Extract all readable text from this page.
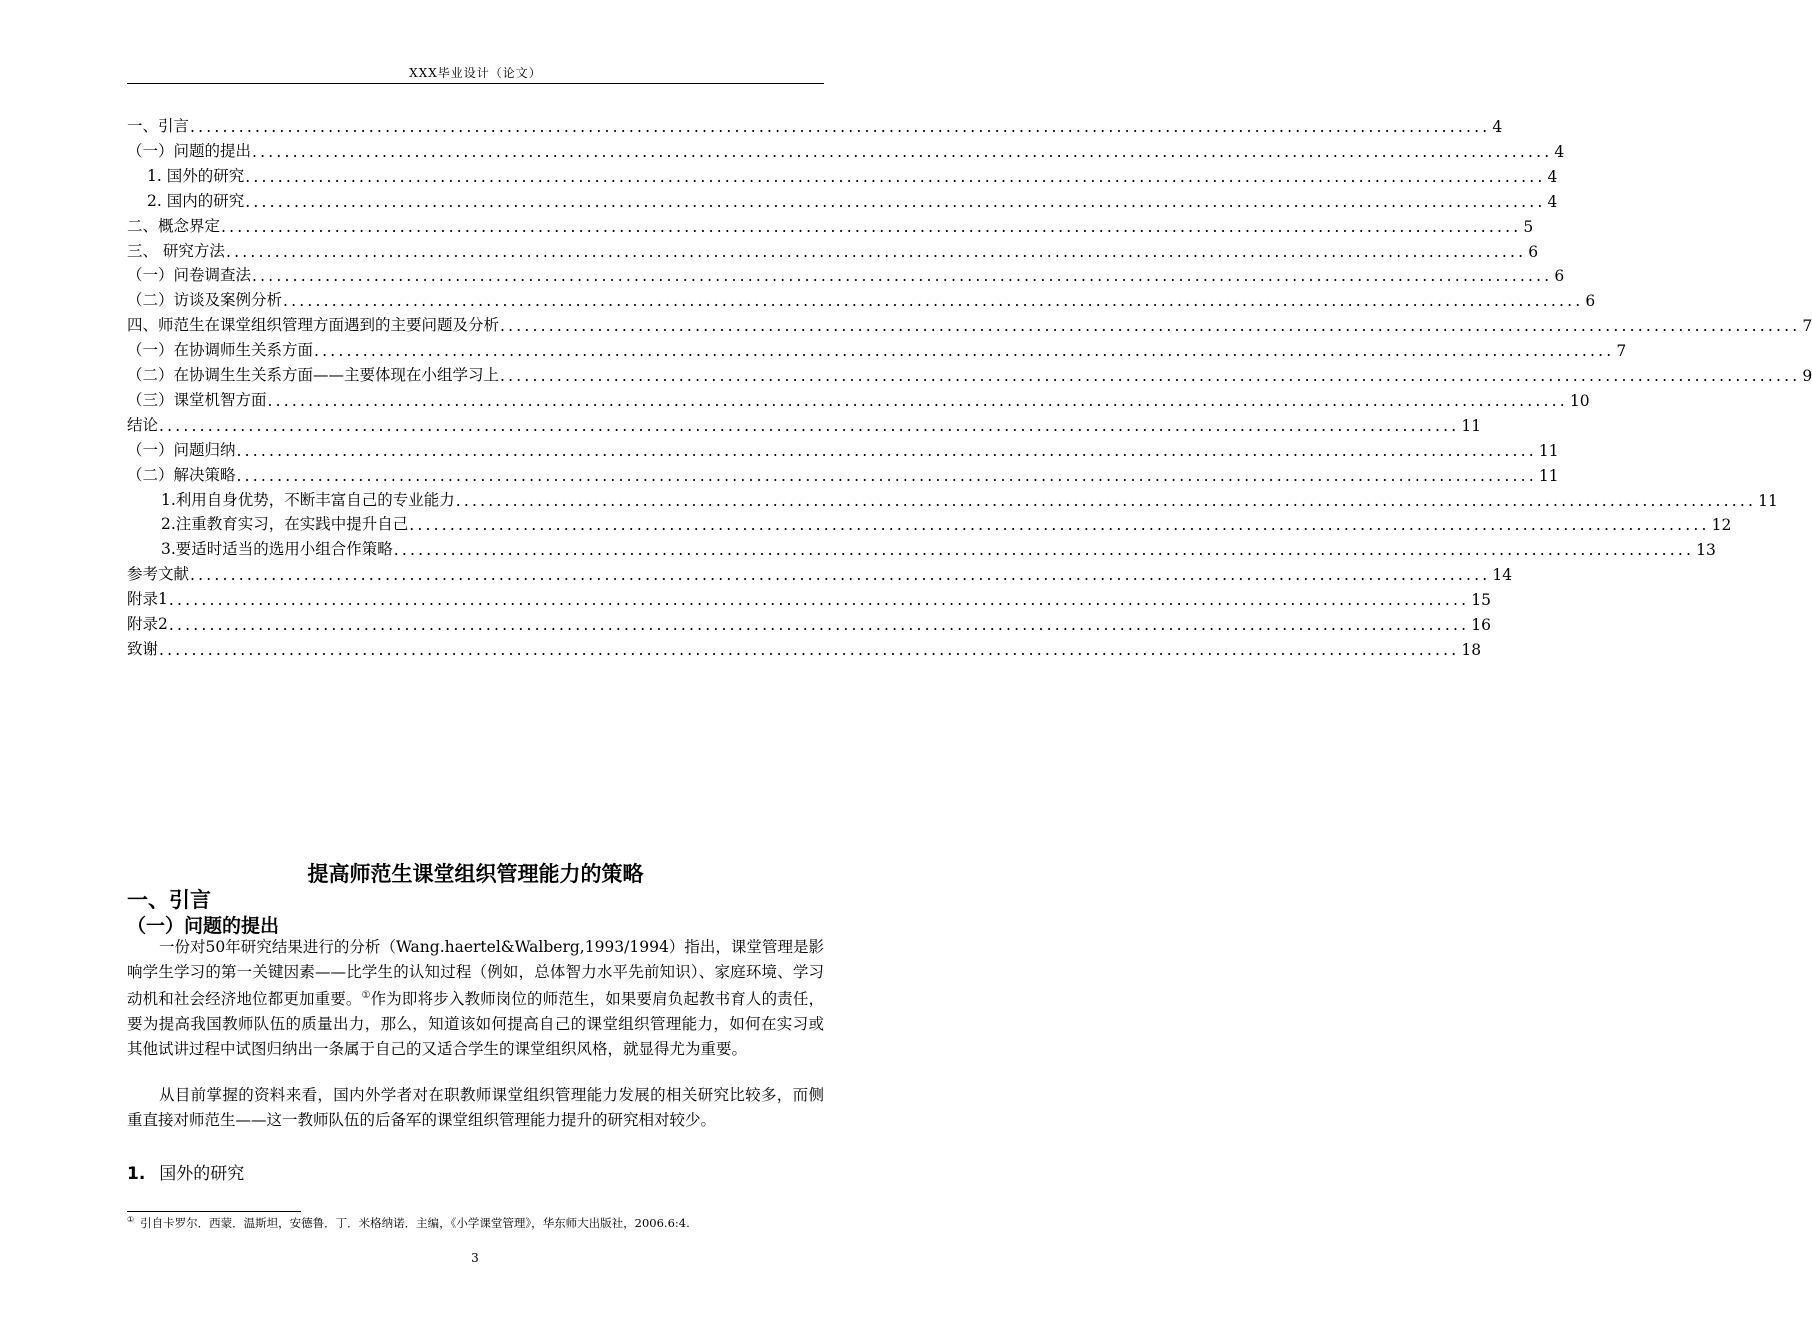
XXX毕业设计（论文）
一、引言 ................................................................................................................................................................ 4
（一）问题的提出 ................................................................................................................................................................ 4
1. 国外的研究 ................................................................................................................................................................ 4
2. 国内的研究 ................................................................................................................................................................ 4
二、概念界定 ................................................................................................................................................................ 5
三、 研究方法 ................................................................................................................................................................ 6
（一）问卷调查法 ................................................................................................................................................................ 6
（二）访谈及案例分析 ................................................................................................................................................................ 6
四、师范生在课堂组织管理方面遇到的主要问题及分析 ................................................................................................................................................................ 7
（一）在协调师生关系方面 ................................................................................................................................................................ 7
（二）在协调生生关系方面——主要体现在小组学习上 ................................................................................................................................................................ 9
（三）课堂机智方面 ................................................................................................................................................................ 10
结论 ................................................................................................................................................................ 11
（一）问题归纳 ................................................................................................................................................................ 11
（二）解决策略 ................................................................................................................................................................ 11
1.利用自身优势，不断丰富自己的专业能力 ................................................................................................................................................................ 11
2.注重教育实习，在实践中提升自己 ................................................................................................................................................................ 12
3.要适时适当的选用小组合作策略 ................................................................................................................................................................ 13
参考文献 ................................................................................................................................................................ 14
附录1 ................................................................................................................................................................ 15
附录2 ................................................................................................................................................................ 16
致谢 ................................................................................................................................................................ 18
提高师范生课堂组织管理能力的策略
一、引言
（一）问题的提出
一份对50年研究结果进行的分析（Wang.haertel&Walberg,1993/1994）指出，课堂管理是影响学生学习的第一关键因素——比学生的认知过程（例如，总体智力水平先前知识）、家庭环境、学习动机和社会经济地位都更加重要。①作为即将步入教师岗位的师范生，如果要肩负起教书育人的责任，要为提高我国教师队伍的质量出力，那么，知道该如何提高自己的课堂组织管理能力，如何在实习或其他试讲过程中试图归纳出一条属于自己的又适合学生的课堂组织风格，就显得尤为重要。
从目前掌握的资料来看，国内外学者对在职教师课堂组织管理能力发展的相关研究比较多，而侧重直接对师范生——这一教师队伍的后备军的课堂组织管理能力提升的研究相对较少。
1. 国外的研究
① 引自卡罗尔．西蒙．温斯坦，安德鲁．丁．米格纳诺．主编，《小学课堂管理》，华东师大出版社，2006.6:4.
3
